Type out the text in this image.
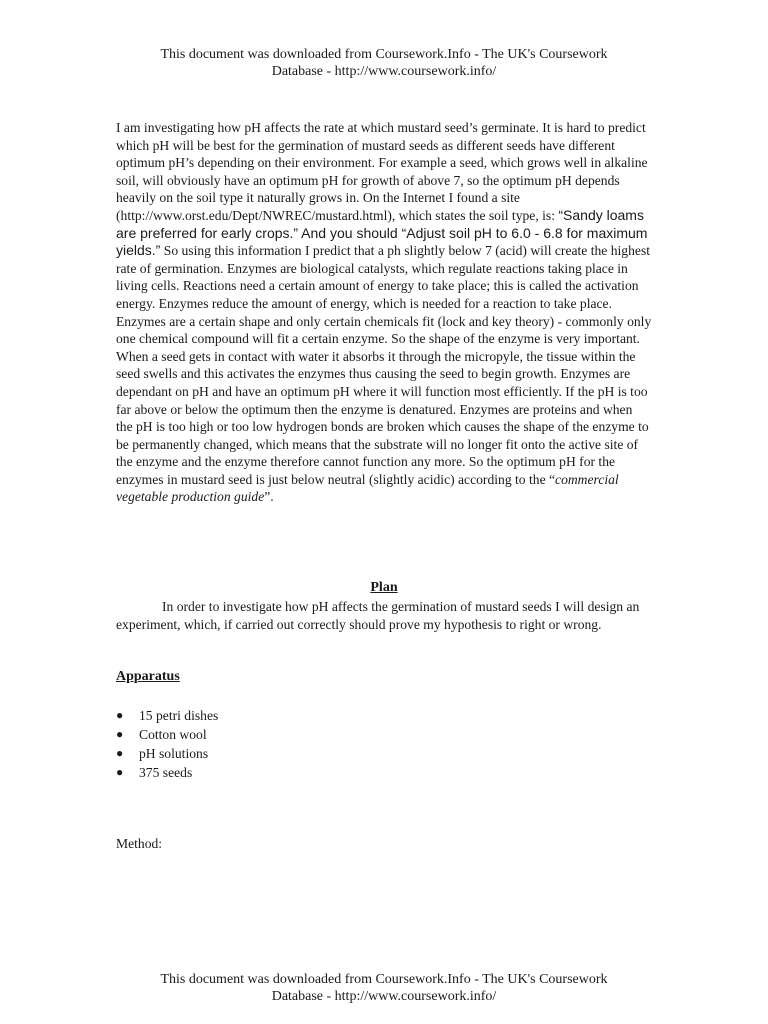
This document was downloaded from Coursework.Info - The UK's Coursework
Database - http://www.coursework.info/
I am investigating how pH affects the rate at which mustard seed’s germinate. It is hard to predict which pH will be best for the germination of mustard seeds as different seeds have different optimum pH’s depending on their environment. For example a seed, which grows well in alkaline soil, will obviously have an optimum pH for growth of above 7, so the optimum pH depends heavily on the soil type it naturally grows in. On the Internet I found a site (http://www.orst.edu/Dept/NWREC/mustard.html), which states the soil type, is: “Sandy loams are preferred for early crops.” And you should “Adjust soil pH to 6.0 - 6.8 for maximum yields.” So using this information I predict that a ph slightly below 7 (acid) will create the highest rate of germination. Enzymes are biological catalysts, which regulate reactions taking place in living cells. Reactions need a certain amount of energy to take place; this is called the activation energy. Enzymes reduce the amount of energy, which is needed for a reaction to take place. Enzymes are a certain shape and only certain chemicals fit (lock and key theory) - commonly only one chemical compound will fit a certain enzyme. So the shape of the enzyme is very important. When a seed gets in contact with water it absorbs it through the micropyle, the tissue within the seed swells and this activates the enzymes thus causing the seed to begin growth. Enzymes are dependant on pH and have an optimum pH where it will function most efficiently. If the pH is too far above or below the optimum then the enzyme is denatured. Enzymes are proteins and when the pH is too high or too low hydrogen bonds are broken which causes the shape of the enzyme to be permanently changed, which means that the substrate will no longer fit onto the active site of the enzyme and the enzyme therefore cannot function any more. So the optimum pH for the enzymes in mustard seed is just below neutral (slightly acidic) according to the “commercial vegetable production guide”.
Plan
In order to investigate how pH affects the germination of mustard seeds I will design an experiment, which, if carried out correctly should prove my hypothesis to right or wrong.
Apparatus
● 15 petri dishes
● Cotton wool
● pH solutions
● 375 seeds
Method:
This document was downloaded from Coursework.Info - The UK's Coursework
Database - http://www.coursework.info/
